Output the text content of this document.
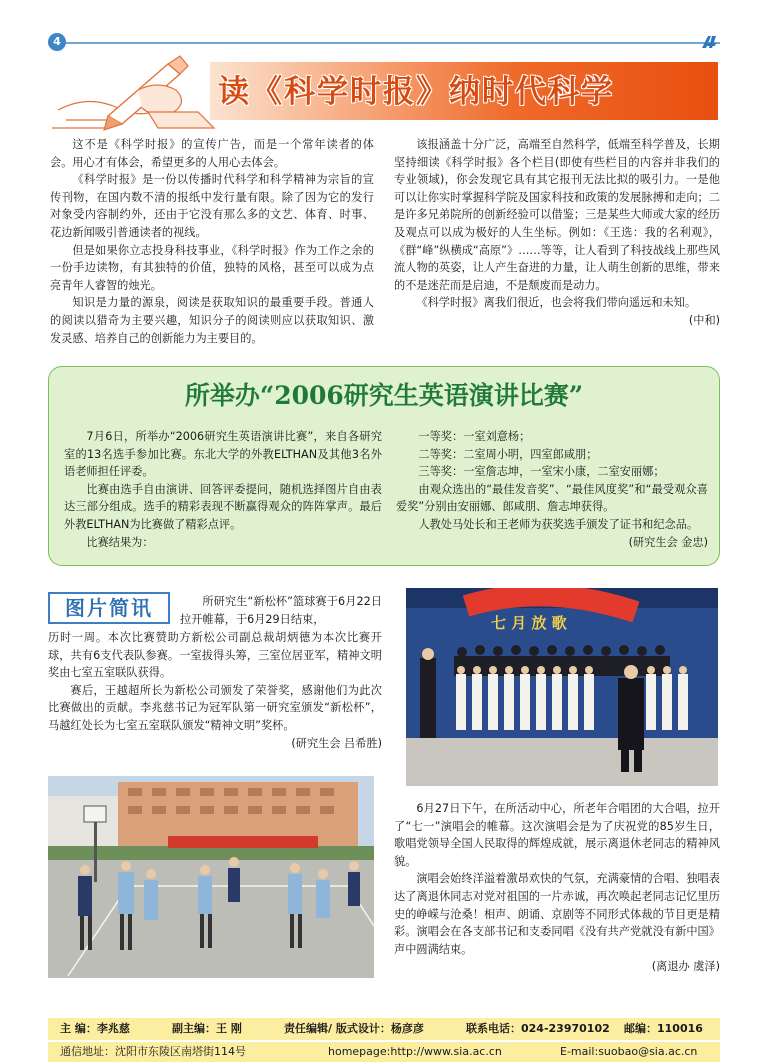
4
读《科学时报》纳时代科学

这不是《科学时报》的宣传广告，而是一个常年读者的体会。用心才有体会，希望更多的人用心去体会。

《科学时报》是一份以传播时代科学和科学精神为宗旨的宣传刊物，在国内数不清的报纸中发行量有限。除了因为它的发行对象受内容制约外，还由于它没有那么多的文艺、体育、时事、花边新闻吸引普通读者的视线。

但是如果你立志投身科技事业，《科学时报》作为工作之余的一份手边读物，有其独特的价值，独特的风格，甚至可以成为点亮青年人睿智的烛光。

知识是力量的源泉，阅读是获取知识的最重要手段。普通人的阅读以猎奇为主要兴趣，知识分子的阅读则应以获取知识、激发灵感、培养自己的创新能力为主要目的。

该报涵盖十分广泛，高端至自然科学，低端至科学普及，长期坚持细读《科学时报》各个栏目(即使有些栏目的内容并非我们的专业领域)，你会发现它具有其它报刊无法比拟的吸引力。一是他可以让你实时掌握科学院及国家科技和政策的发展脉搏和走向；二是许多兄弟院所的创新经验可以借鉴；三是某些大师或大家的经历及观点可以成为极好的人生坐标。例如：《王选：我的名利观》，《群“峰”纵横成“高原”》……等等，让人看到了科技战线上那些风流人物的英姿，让人产生奋进的力量，让人萌生创新的思维，带来的不是迷茫而是启迪，不是颓废而是动力。

《科学时报》离我们很近，也会将我们带向遥远和未知。
(中和)

所举办“2006研究生英语演讲比赛”

7月6日，所举办“2006研究生英语演讲比赛”，来自各研究室的13名选手参加比赛。东北大学的外教ELTHAN及其他3名外语老师担任评委。

比赛由选手自由演讲、回答评委提问，随机选择图片自由表达三部分组成。选手的精彩表现不断赢得观众的阵阵掌声。最后外教ELTHAN为比赛做了精彩点评。

比赛结果为：

一等奖：一室刘意杨；

二等奖：二室周小明，四室郎咸朋；

三等奖：一室詹志坤，一室宋小康，二室安丽娜；

由观众选出的“最佳发音奖”、“最佳风度奖”和“最受观众喜爱奖”分别由安丽娜、郎咸朋、詹志坤获得。

人教处马处长和王老师为获奖选手颁发了证书和纪念品。
(研究生会 金忠)

图片简讯	所研究生“新松杯”篮球赛于6月22日拉开帷幕，于6月29日结束，

历时一周。本次比赛赞助方新松公司副总裁胡炳德为本次比赛开球，共有6支代表队参赛。一室拔得头筹，三室位居亚军，精神文明奖由七室五室联队获得。

赛后，王越超所长为新松公司颁发了荣誉奖，感谢他们为此次比赛做出的贡献。李兆慈书记为冠军队第一研究室颁发“新松杯”，马越红处长为七室五室联队颁发“精神文明”奖杯。
(研究生会 吕希胜)

七 月 放 歌

6月27日下午，在所活动中心，所老年合唱团的大合唱，拉开了“七一”演唱会的帷幕。这次演唱会是为了庆祝党的85岁生日，歌唱党领导全国人民取得的辉煌成就，展示离退休老同志的精神风貌。

演唱会始终洋溢着激昂欢快的气氛，充满豪情的合唱、独唱表达了离退休同志对党对祖国的一片赤诚，再次唤起老同志记忆里历史的峥嵘与沧桑！相声、朗诵、京剧等不同形式体裁的节目更是精彩。演唱会在各支部书记和支委同唱《没有共产党就没有新中国》声中圆满结束。
(离退办 虞泽)

主 编：李兆慈	副主编：王 刚	责任编辑/ 版式设计：杨彦彦	联系电话：024-23970102 邮编：110016
通信地址：沈阳市东陵区南塔街114号	homepage:http://www.sia.ac.cn	E-mail:suobao@sia.ac.cn
